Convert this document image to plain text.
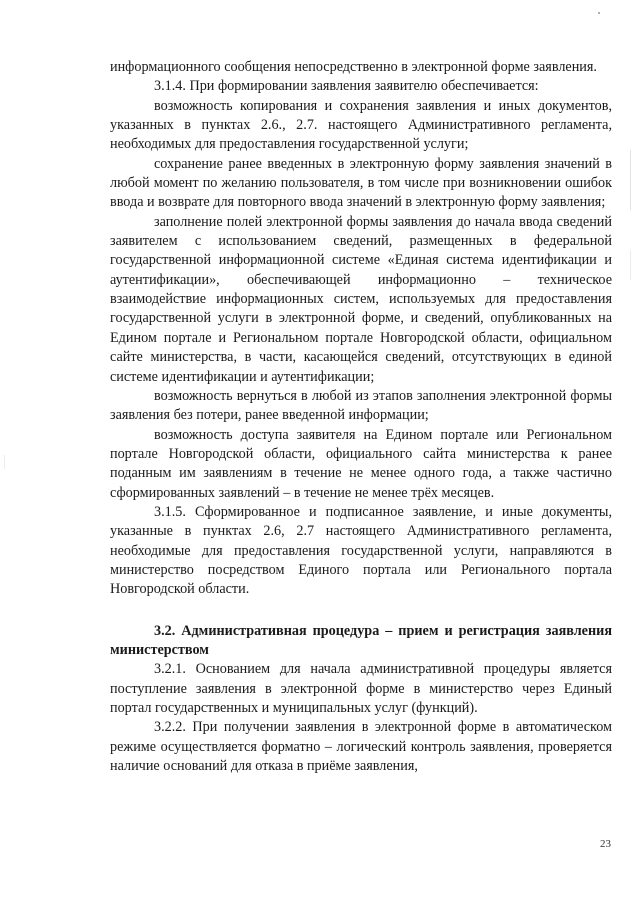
информационного сообщения непосредственно в электронной форме заявления.

3.1.4. При формировании заявления заявителю обеспечивается:

возможность копирования и сохранения заявления и иных документов, указанных в пунктах 2.6., 2.7. настоящего Административного регламента, необходимых для предоставления государственной услуги;

сохранение ранее введенных в электронную форму заявления значений в любой момент по желанию пользователя, в том числе при возникновении ошибок ввода и возврате для повторного ввода значений в электронную форму заявления;

заполнение полей электронной формы заявления до начала ввода сведений заявителем с использованием сведений, размещенных в федеральной государственной информационной системе «Единая система идентификации и аутентификации», обеспечивающей информационно – техническое взаимодействие информационных систем, используемых для предоставления государственной услуги в электронной форме, и сведений, опубликованных на Едином портале и Региональном портале Новгородской области, официальном сайте министерства, в части, касающейся сведений, отсутствующих в единой системе идентификации и аутентификации;

возможность вернуться в любой из этапов заполнения электронной формы заявления без потери, ранее введенной информации;

возможность доступа заявителя на Едином портале или Региональном портале Новгородской области, официального сайта министерства к ранее поданным им заявлениям в течение не менее одного года, а также частично сформированных заявлений – в течение не менее трёх месяцев.

3.1.5. Сформированное и подписанное заявление, и иные документы, указанные в пунктах 2.6, 2.7 настоящего Административного регламента, необходимые для предоставления государственной услуги, направляются в министерство посредством Единого портала или Регионального портала Новгородской области.

3.2. Административная процедура – прием и регистрация заявления министерством

3.2.1. Основанием для начала административной процедуры является поступление заявления в электронной форме в министерство через Единый портал государственных и муниципальных услуг (функций).

3.2.2. При получении заявления в электронной форме в автоматическом режиме осуществляется форматно – логический контроль заявления, проверяется наличие оснований для отказа в приёме заявления,

23
